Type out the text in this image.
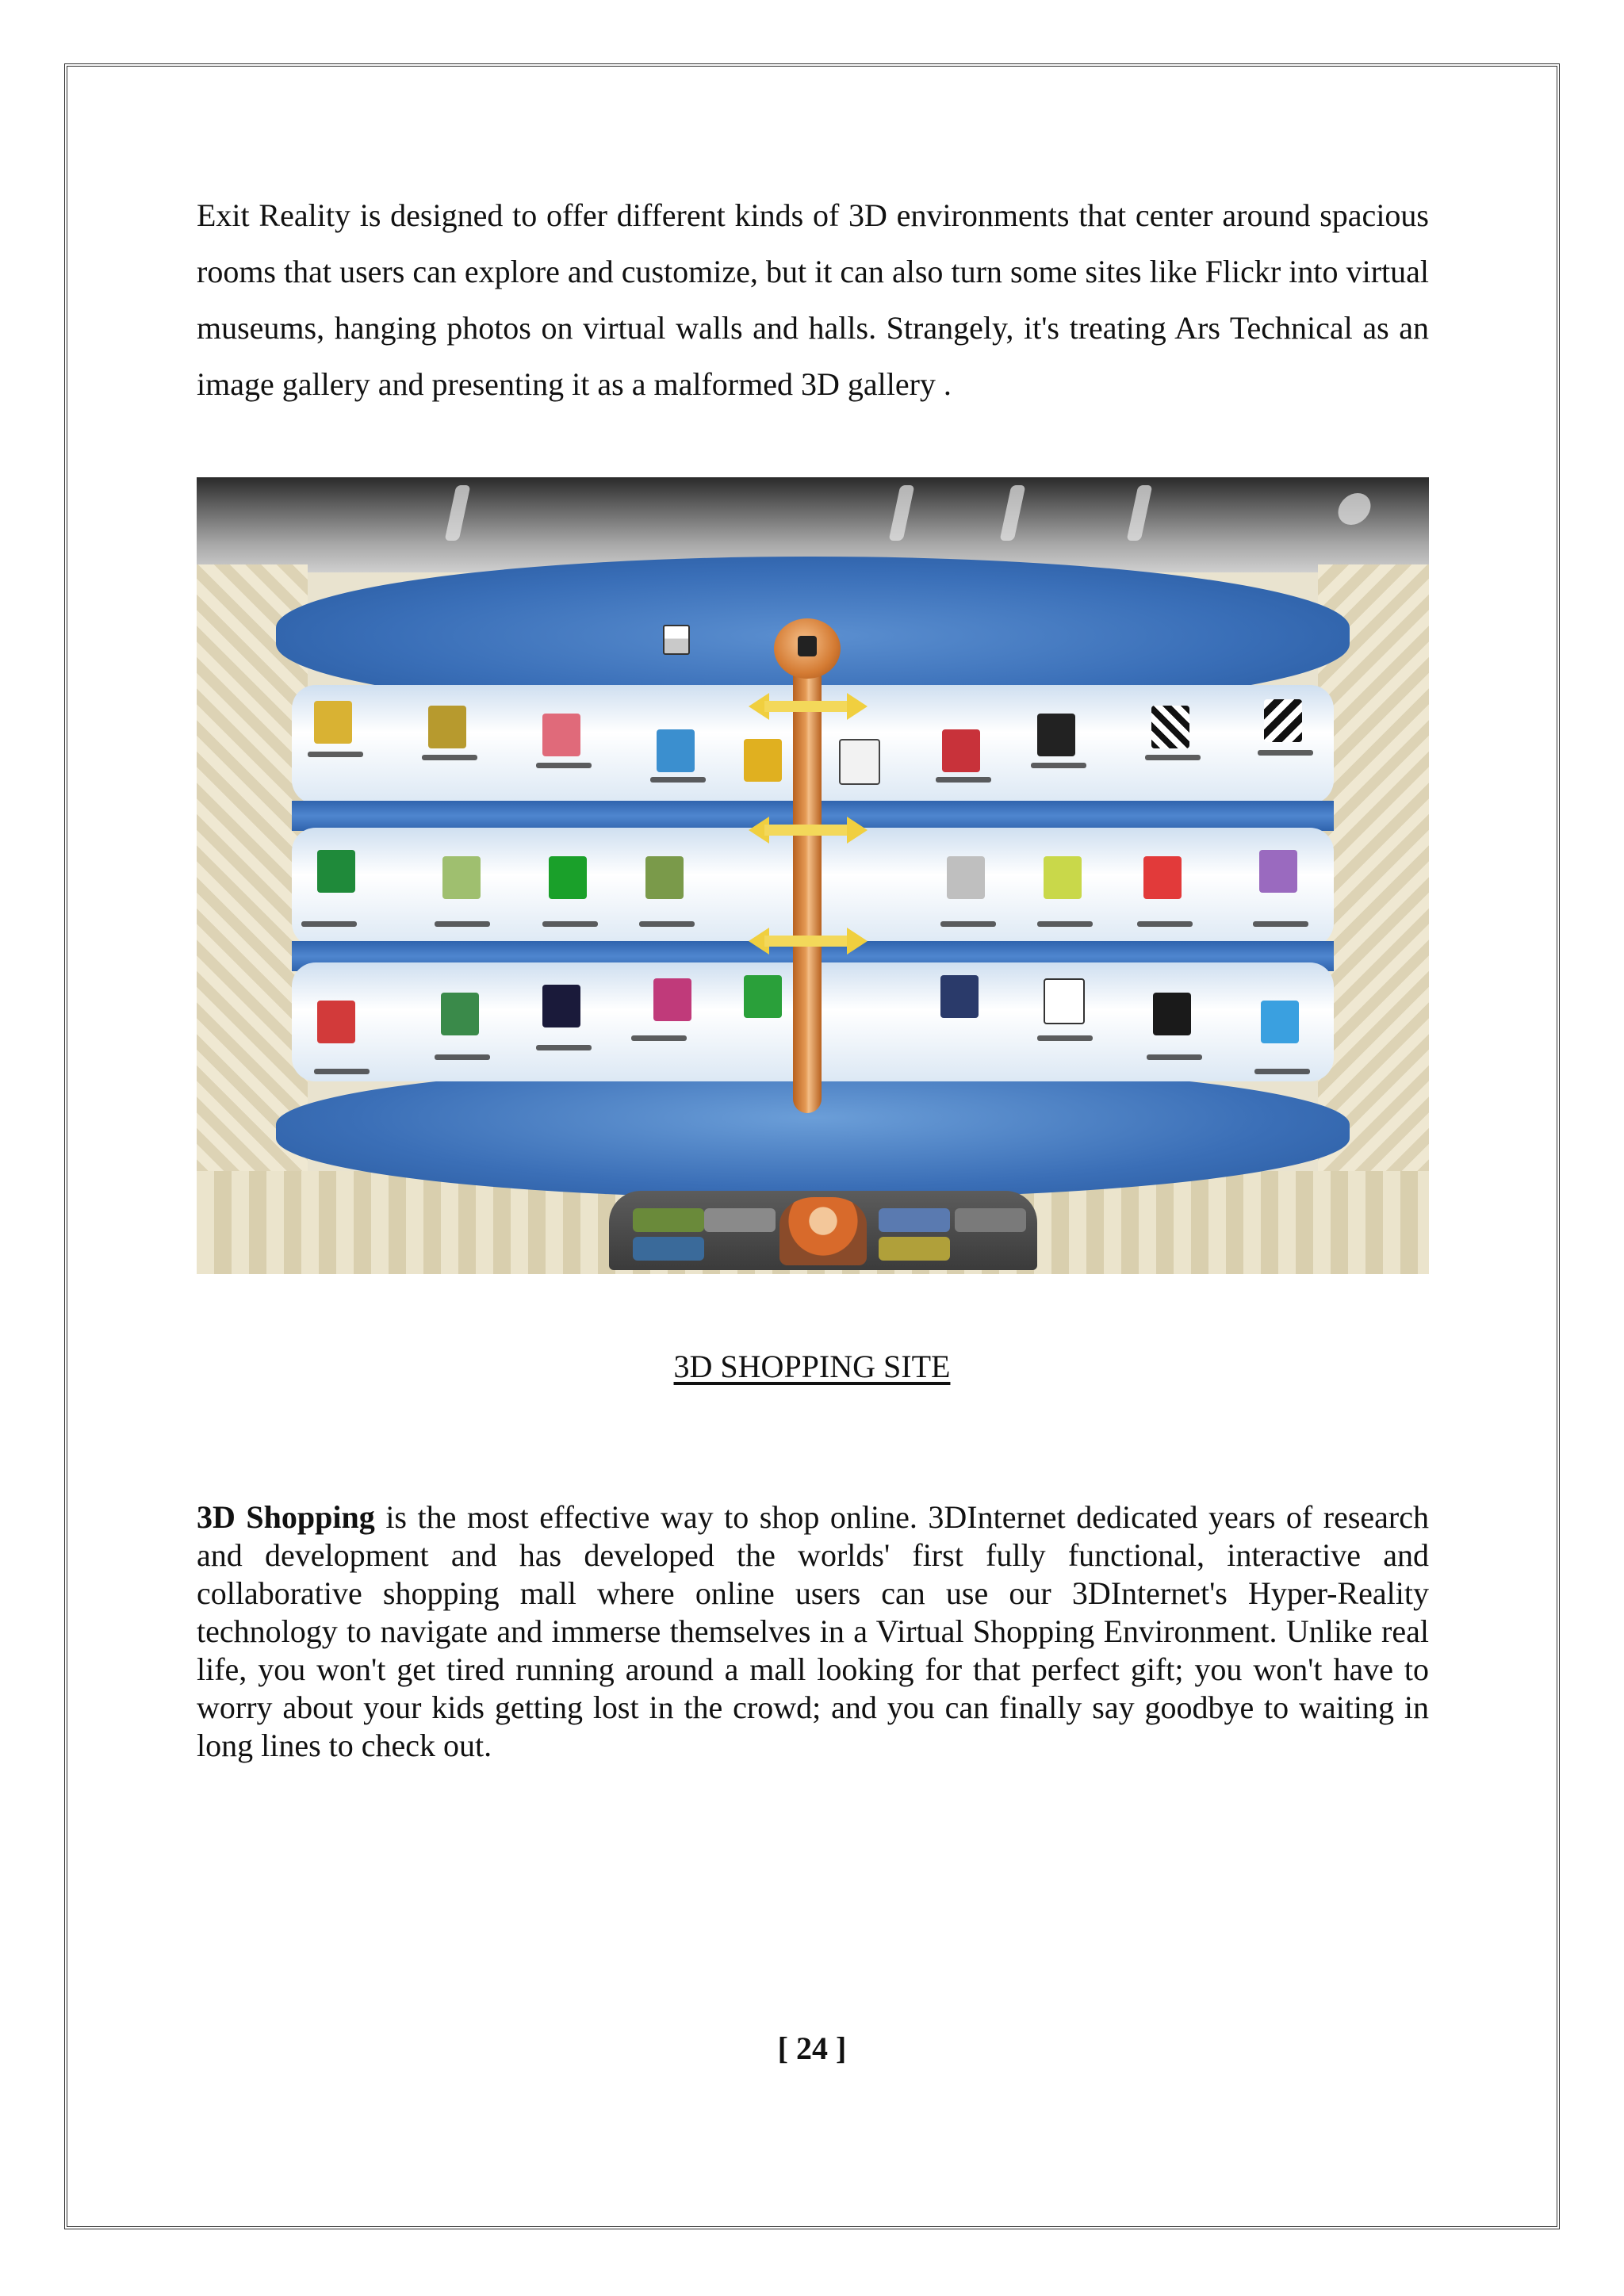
Exit Reality is designed to offer different kinds of 3D environments that center around spacious rooms that users can explore and customize, but it can also turn some sites like Flickr into virtual museums, hanging photos on virtual walls and halls. Strangely, it's treating Ars Technical as an image gallery and presenting it as a malformed 3D gallery .

3D SHOPPING SITE

3D Shopping is the most effective way to shop online. 3DInternet dedicated years of research and development and has developed the worlds' first fully functional, interactive and collaborative shopping mall where online users can use our 3DInternet's Hyper-Reality technology to navigate and immerse themselves in a Virtual Shopping Environment. Unlike real life, you won't get tired running around a mall looking for that perfect gift; you won't have to worry about your kids getting lost in the crowd; and you can finally say goodbye to waiting in long lines to check out.

[ 24 ]
